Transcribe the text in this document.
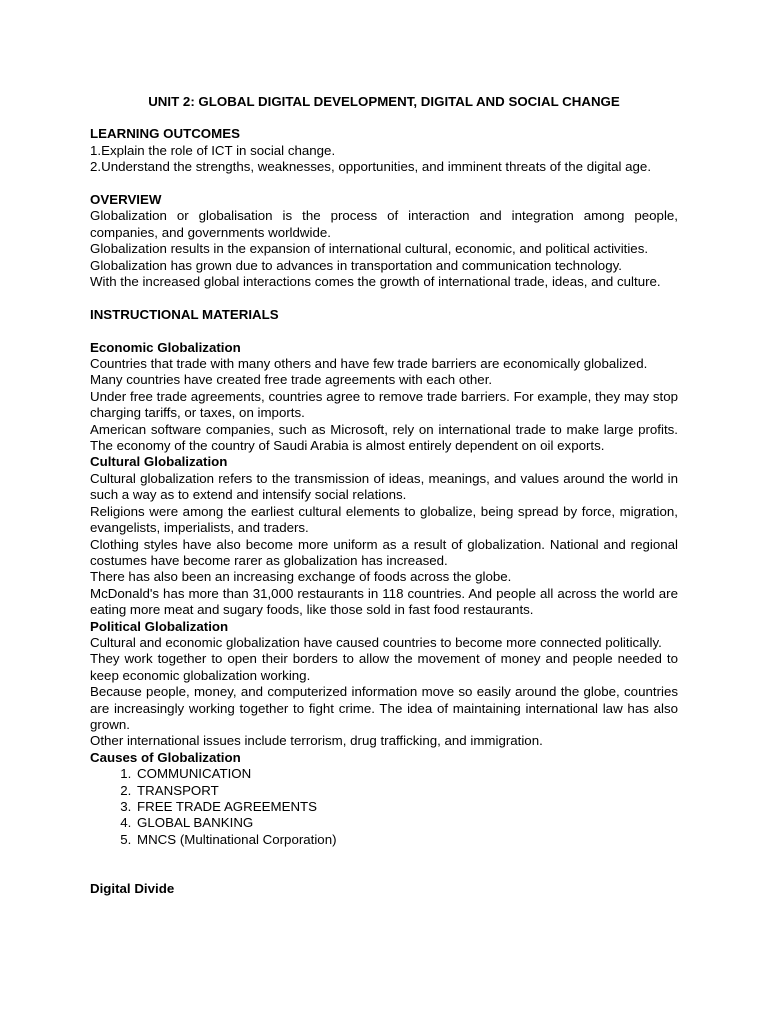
UNIT 2: GLOBAL DIGITAL DEVELOPMENT, DIGITAL AND SOCIAL CHANGE
LEARNING OUTCOMES
1.Explain the role of ICT in social change.
2.Understand the strengths, weaknesses, opportunities, and imminent threats of the digital age.
OVERVIEW
Globalization or globalisation is the process of interaction and integration among people, companies, and governments worldwide.
Globalization results in the expansion of international cultural, economic, and political activities.
Globalization has grown due to advances in transportation and communication technology.
With the increased global interactions comes the growth of international trade, ideas, and culture.
INSTRUCTIONAL MATERIALS
Economic Globalization
Countries that trade with many others and have few trade barriers are economically globalized.
Many countries have created free trade agreements with each other.
Under free trade agreements, countries agree to remove trade barriers. For example, they may stop charging tariffs, or taxes, on imports.
American software companies, such as Microsoft, rely on international trade to make large profits. The economy of the country of Saudi Arabia is almost entirely dependent on oil exports.
Cultural Globalization
Cultural globalization refers to the transmission of ideas, meanings, and values around the world in such a way as to extend and intensify social relations.
Religions were among the earliest cultural elements to globalize, being spread by force, migration, evangelists, imperialists, and traders.
Clothing styles have also become more uniform as a result of globalization. National and regional costumes have become rarer as globalization has increased.
There has also been an increasing exchange of foods across the globe.
McDonald's has more than 31,000 restaurants in 118 countries. And people all across the world are eating more meat and sugary foods, like those sold in fast food restaurants.
Political Globalization
Cultural and economic globalization have caused countries to become more connected politically.
They work together to open their borders to allow the movement of money and people needed to keep economic globalization working.
Because people, money, and computerized information move so easily around the globe, countries are increasingly working together to fight crime. The idea of maintaining international law has also grown.
Other international issues include terrorism, drug trafficking, and immigration.
Causes of Globalization
1. COMMUNICATION
2. TRANSPORT
3. FREE TRADE AGREEMENTS
4. GLOBAL BANKING
5. MNCS (Multinational Corporation)
Digital Divide
